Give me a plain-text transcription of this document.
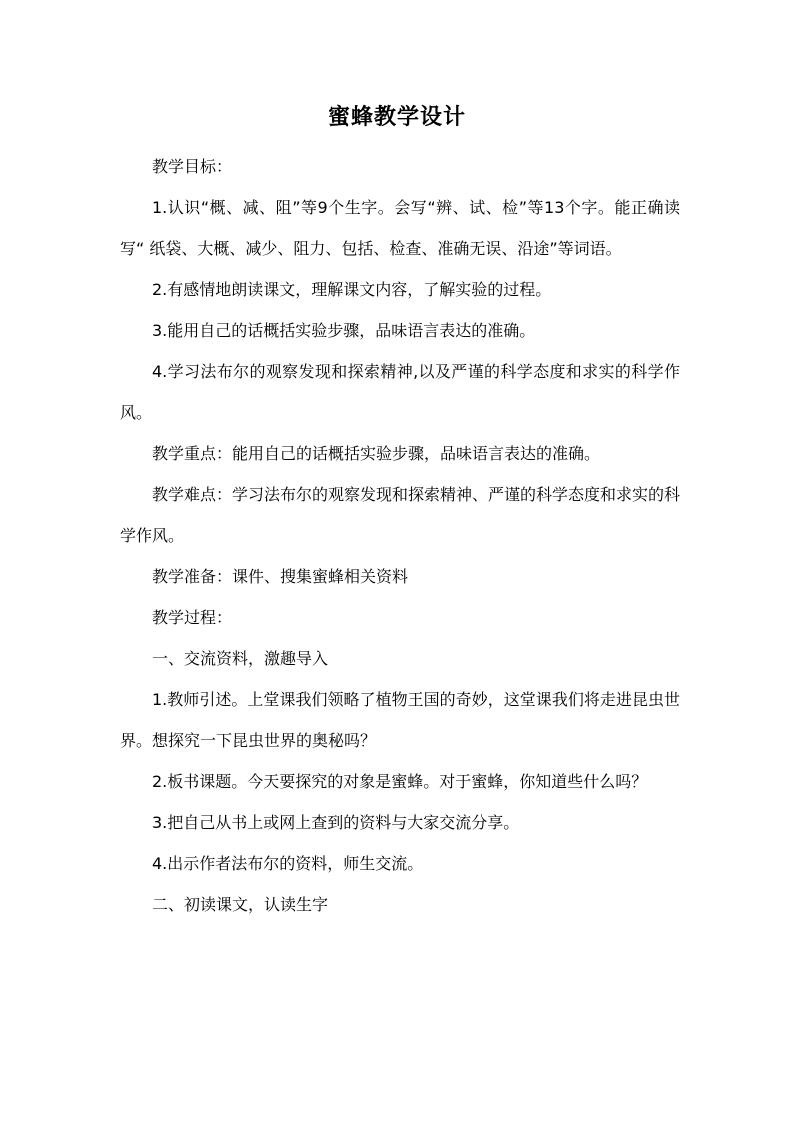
蜜蜂教学设计

教学目标：

1.认识“概、减、阻”等9个生字。会写“辨、试、检”等13个字。能正确读写“ 纸袋、大概、减少、阻力、包括、检查、准确无误、沿途”等词语。

2.有感情地朗读课文，理解课文内容，了解实验的过程。

3.能用自己的话概括实验步骤，品味语言表达的准确。

4.学习法布尔的观察发现和探索精神,以及严谨的科学态度和求实的科学作风。

教学重点：能用自己的话概括实验步骤，品味语言表达的准确。

教学难点：学习法布尔的观察发现和探索精神、严谨的科学态度和求实的科学作风。

教学准备：课件、搜集蜜蜂相关资料

教学过程：

一、交流资料，激趣导入

1.教师引述。上堂课我们领略了植物王国的奇妙，这堂课我们将走进昆虫世界。想探究一下昆虫世界的奥秘吗？

2.板书课题。今天要探究的对象是蜜蜂。对于蜜蜂，你知道些什么吗？

3.把自己从书上或网上查到的资料与大家交流分享。

4.出示作者法布尔的资料，师生交流。

二、初读课文，认读生字
